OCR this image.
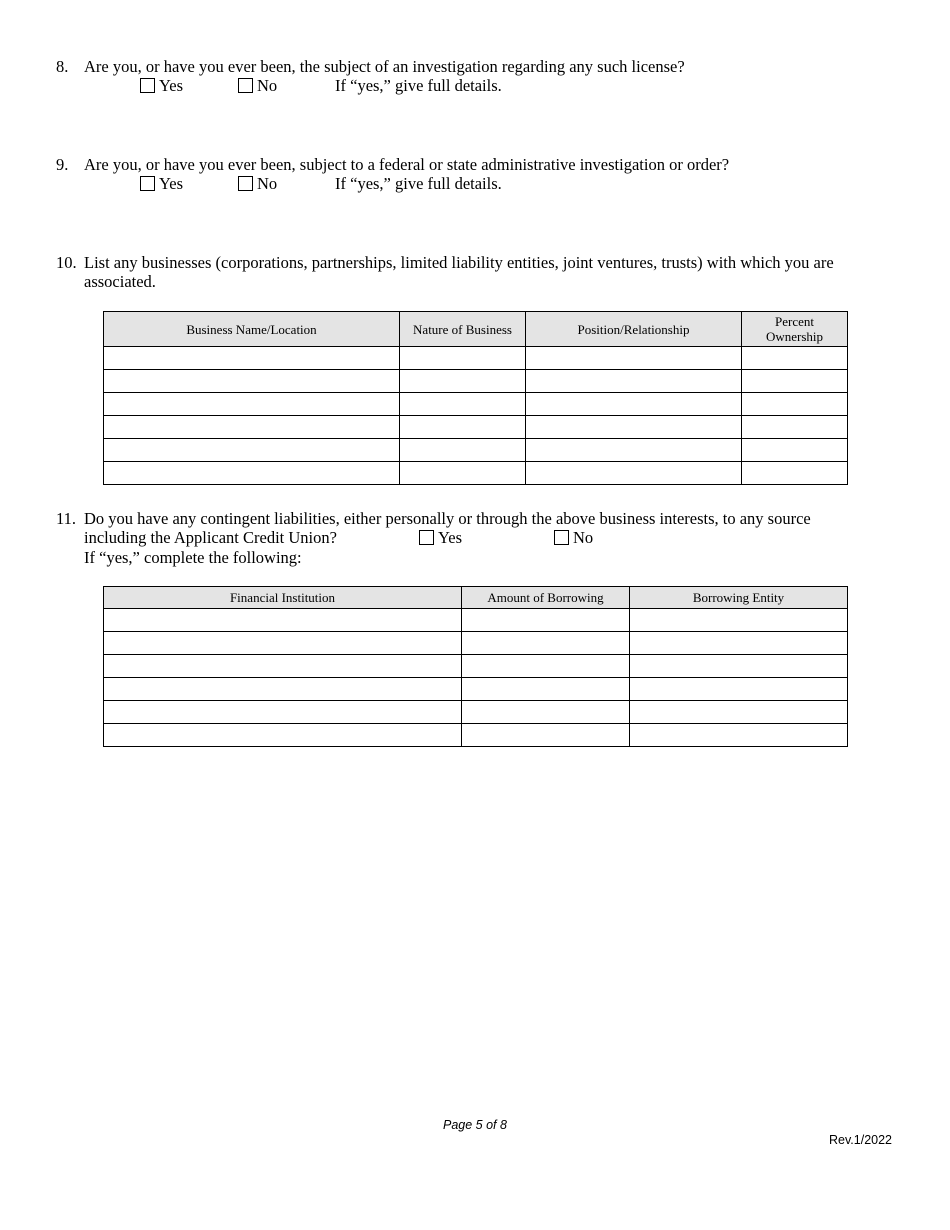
8. Are you, or have you ever been, the subject of an investigation regarding any such license?
Yes	No	If “yes,” give full details.
9. Are you, or have you ever been, subject to a federal or state administrative investigation or order?
Yes	No	If “yes,” give full details.
10. List any businesses (corporations, partnerships, limited liability entities, joint ventures, trusts) with which you are
associated.
Business Name/Location	Nature of Business	Position/Relationship	Percent Ownership

11. Do you have any contingent liabilities, either personally or through the above business interests, to any source
including the Applicant Credit Union?	Yes	No
If “yes,” complete the following:
Financial Institution	Amount of Borrowing	Borrowing Entity

Page 5 of 8
Rev.1/2022
